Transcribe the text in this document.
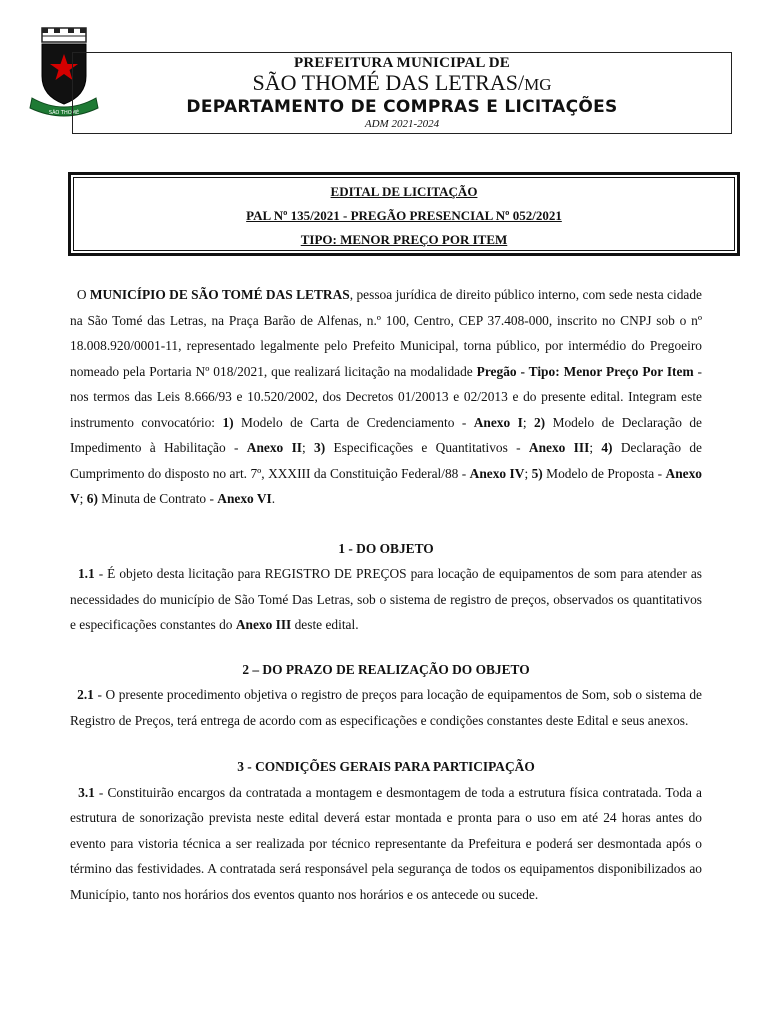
SÃO THOMÉ
PREFEITURA MUNICIPAL DE
SÃO THOMÉ DAS LETRAS/MG
DEPARTAMENTO DE COMPRAS E LICITAÇÕES
ADM 2021-2024
EDITAL DE LICITAÇÃO
PAL Nº 135/2021 - PREGÃO PRESENCIAL Nº 052/2021
TIPO: MENOR PREÇO POR ITEM

O MUNICÍPIO DE SÃO TOMÉ DAS LETRAS, pessoa jurídica de direito público interno, com sede nesta cidade na São Tomé das Letras, na Praça Barão de Alfenas, n.º 100, Centro, CEP 37.408-000, inscrito no CNPJ sob o nº 18.008.920/0001-11, representado legalmente pelo Prefeito Municipal, torna público, por intermédio do Pregoeiro nomeado pela Portaria Nº 018/2021, que realizará licitação na modalidade Pregão - Tipo: Menor Preço Por Item - nos termos das Leis 8.666/93 e 10.520/2002, dos Decretos 01/20013 e 02/2013 e do presente edital. Integram este instrumento convocatório: 1) Modelo de Carta de Credenciamento - Anexo I; 2) Modelo de Declaração de Impedimento à Habilitação - Anexo II; 3) Especificações e Quantitativos - Anexo III; 4) Declaração de Cumprimento do disposto no art. 7º, XXXIII da Constituição Federal/88 - Anexo IV; 5) Modelo de Proposta - Anexo V; 6) Minuta de Contrato - Anexo VI.

1 - DO OBJETO

1.1 - É objeto desta licitação para REGISTRO DE PREÇOS para locação de equipamentos de som para atender as necessidades do município de São Tomé Das Letras, sob o sistema de registro de preços, observados os quantitativos e especificações constantes do Anexo III deste edital.

2 – DO PRAZO DE REALIZAÇÃO DO OBJETO

2.1 - O presente procedimento objetiva o registro de preços para locação de equipamentos de Som, sob o sistema de Registro de Preços, terá entrega de acordo com as especificações e condições constantes deste Edital e seus anexos.

3 - CONDIÇÕES GERAIS PARA PARTICIPAÇÃO

3.1 - Constituirão encargos da contratada a montagem e desmontagem de toda a estrutura física contratada. Toda a estrutura de sonorização prevista neste edital deverá estar montada e pronta para o uso em até 24 horas antes do evento para vistoria técnica a ser realizada por técnico representante da Prefeitura e poderá ser desmontada após o término das festividades. A contratada será responsável pela segurança de todos os equipamentos disponibilizados ao Município, tanto nos horários dos eventos quanto nos horários e os antecede ou sucede.
